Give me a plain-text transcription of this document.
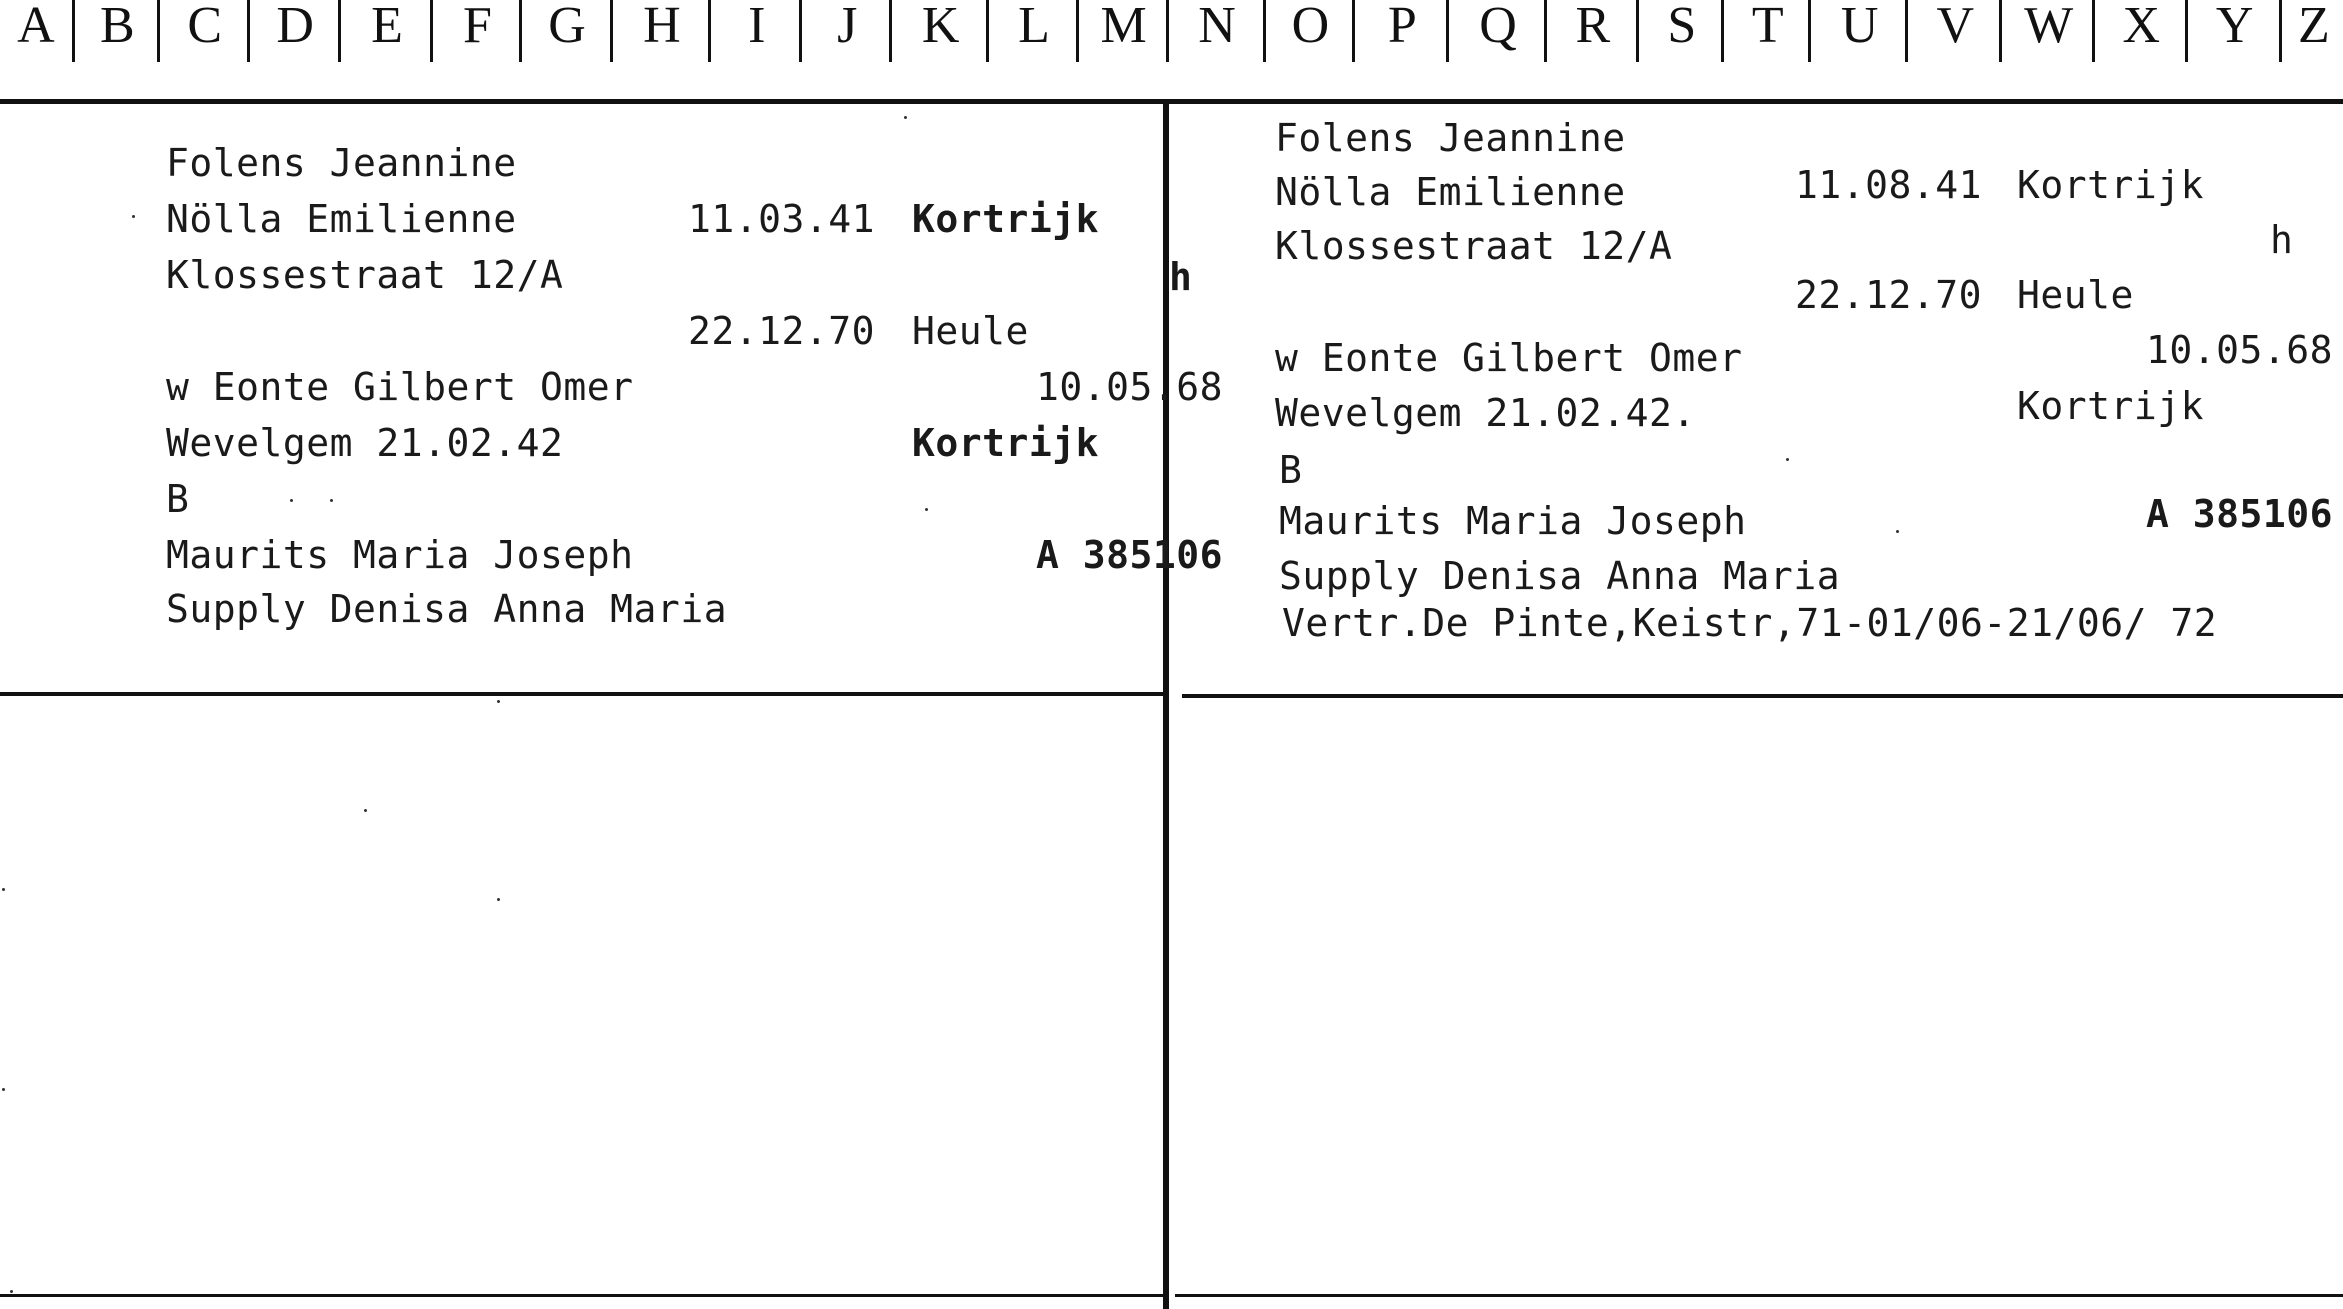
A B	C	D	E	F	G	H	I	J	K	L M N	O	P	Q	R	S	T	U	V W X	Y Z
Folens Jeannine
Nölla Emilienne	11.03.41 Kortrijk
Klossestraat 12/A	h
22.12.70 Heule
w Eonte Gilbert Omer	10.05.68
Wevelgem 21.02.42	Kortrijk
B
Maurits Maria Joseph	A 385106
Supply Denisa Anna Maria
Folens Jeannine
Nölla Emilienne	11.08.41 Kortrijk
Klossestraat 12/A	h
22.12.70 Heule
w Eonte Gilbert Omer	10.05.68
Wevelgem 21.02.42.	Kortrijk
B
Maurits Maria Joseph	A 385106
Supply Denisa Anna Maria
Vertr.De Pinte,Keistr,71-01/06-21/06/ 72
